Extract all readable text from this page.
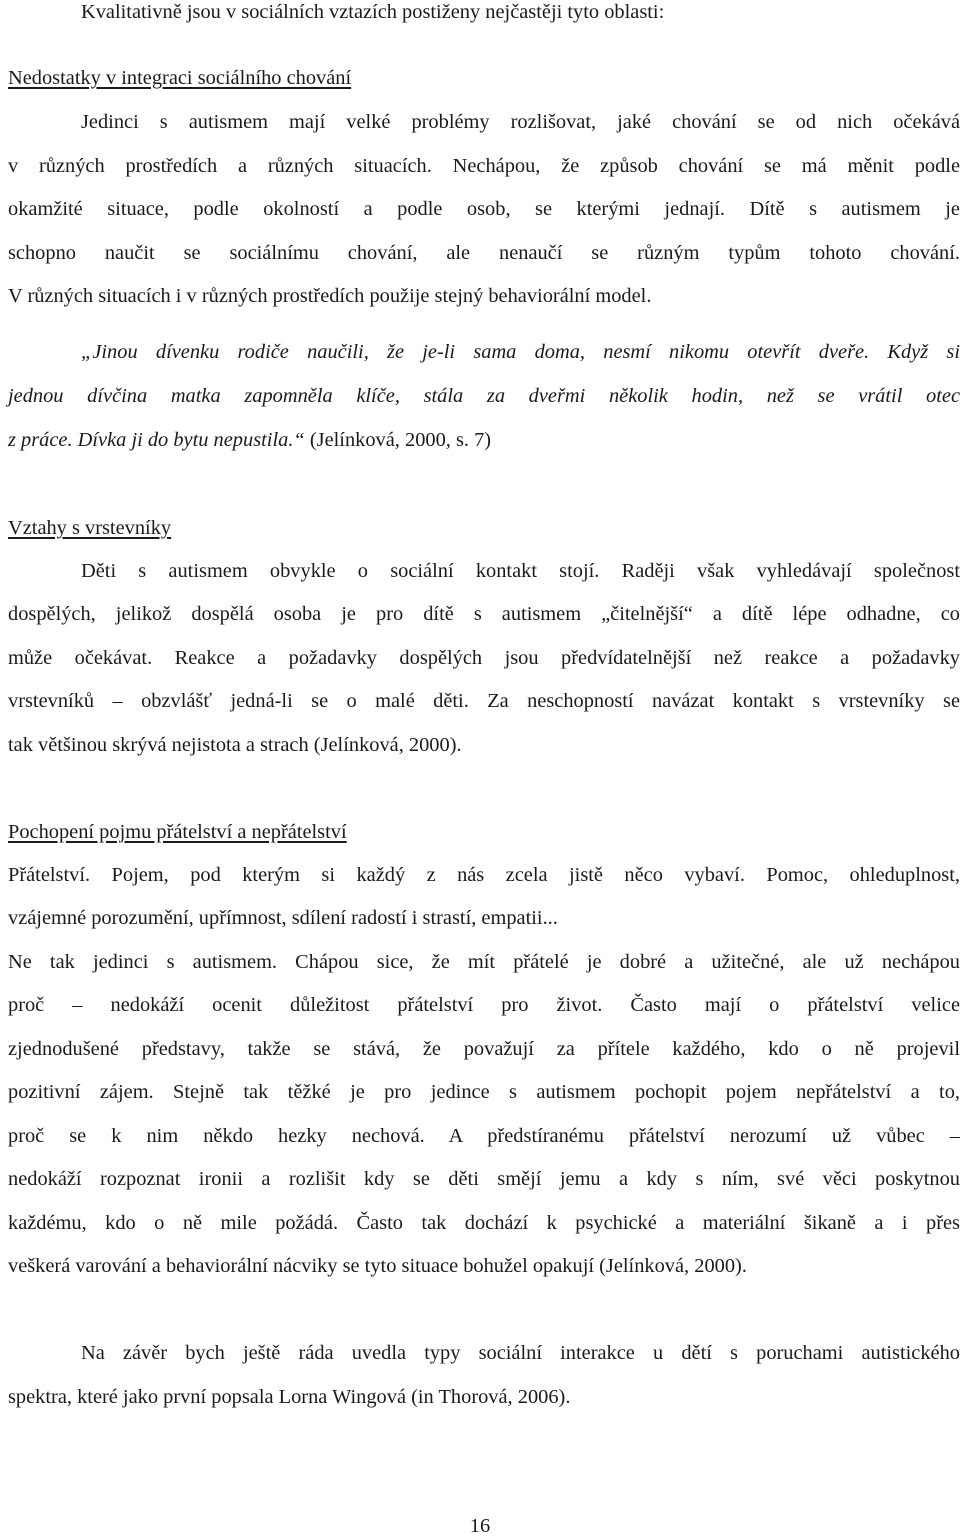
Kvalitativně jsou v sociálních vztazích postiženy nejčastěji tyto oblasti:
Nedostatky v integraci sociálního chování
Jedinci s autismem mají velké problémy rozlišovat, jaké chování se od nich očekává
v různých prostředích a různých situacích. Nechápou, že způsob chování se má měnit podle
okamžité situace, podle okolností a podle osob, se kterými jednají. Dítě s autismem je
schopno naučit se sociálnímu chování, ale nenaučí se různým typům tohoto chování.
V různých situacích i v různých prostředích použije stejný behaviorální model.
„Jinou dívenku rodiče naučili, že je-li sama doma, nesmí nikomu otevřít dveře. Když si
jednou dívčina matka zapomněla klíče, stála za dveřmi několik hodin, než se vrátil otec
z práce. Dívka ji do bytu nepustila.“ (Jelínková, 2000, s. 7)
Vztahy s vrstevníky
Děti s autismem obvykle o sociální kontakt stojí. Raději však vyhledávají společnost
dospělých, jelikož dospělá osoba je pro dítě s autismem „čitelnější“ a dítě lépe odhadne, co
může očekávat. Reakce a požadavky dospělých jsou předvídatelnější než reakce a požadavky
vrstevníků – obzvlášť jedná-li se o malé děti. Za neschopností navázat kontakt s vrstevníky se
tak většinou skrývá nejistota a strach (Jelínková, 2000).
Pochopení pojmu přátelství a nepřátelství
Přátelství. Pojem, pod kterým si každý z nás zcela jistě něco vybaví. Pomoc, ohleduplnost,
vzájemné porozumění, upřímnost, sdílení radostí i strastí, empatii...
Ne tak jedinci s autismem. Chápou sice, že mít přátelé je dobré a užitečné, ale už nechápou
proč – nedokáží ocenit důležitost přátelství pro život. Často mají o přátelství velice
zjednodušené představy, takže se stává, že považují za přítele každého, kdo o ně projevil
pozitivní zájem. Stejně tak těžké je pro jedince s autismem pochopit pojem nepřátelství a to,
proč se k nim někdo hezky nechová. A předstíranému přátelství nerozumí už vůbec –
nedokáží rozpoznat ironii a rozlišit kdy se děti smějí jemu a kdy s ním, své věci poskytnou
každému, kdo o ně mile požádá. Často tak dochází k psychické a materiální šikaně a i přes
veškerá varování a behaviorální nácviky se tyto situace bohužel opakují (Jelínková, 2000).
Na závěr bych ještě ráda uvedla typy sociální interakce u dětí s poruchami autistického
spektra, které jako první popsala Lorna Wingová (in Thorová, 2006).
16
